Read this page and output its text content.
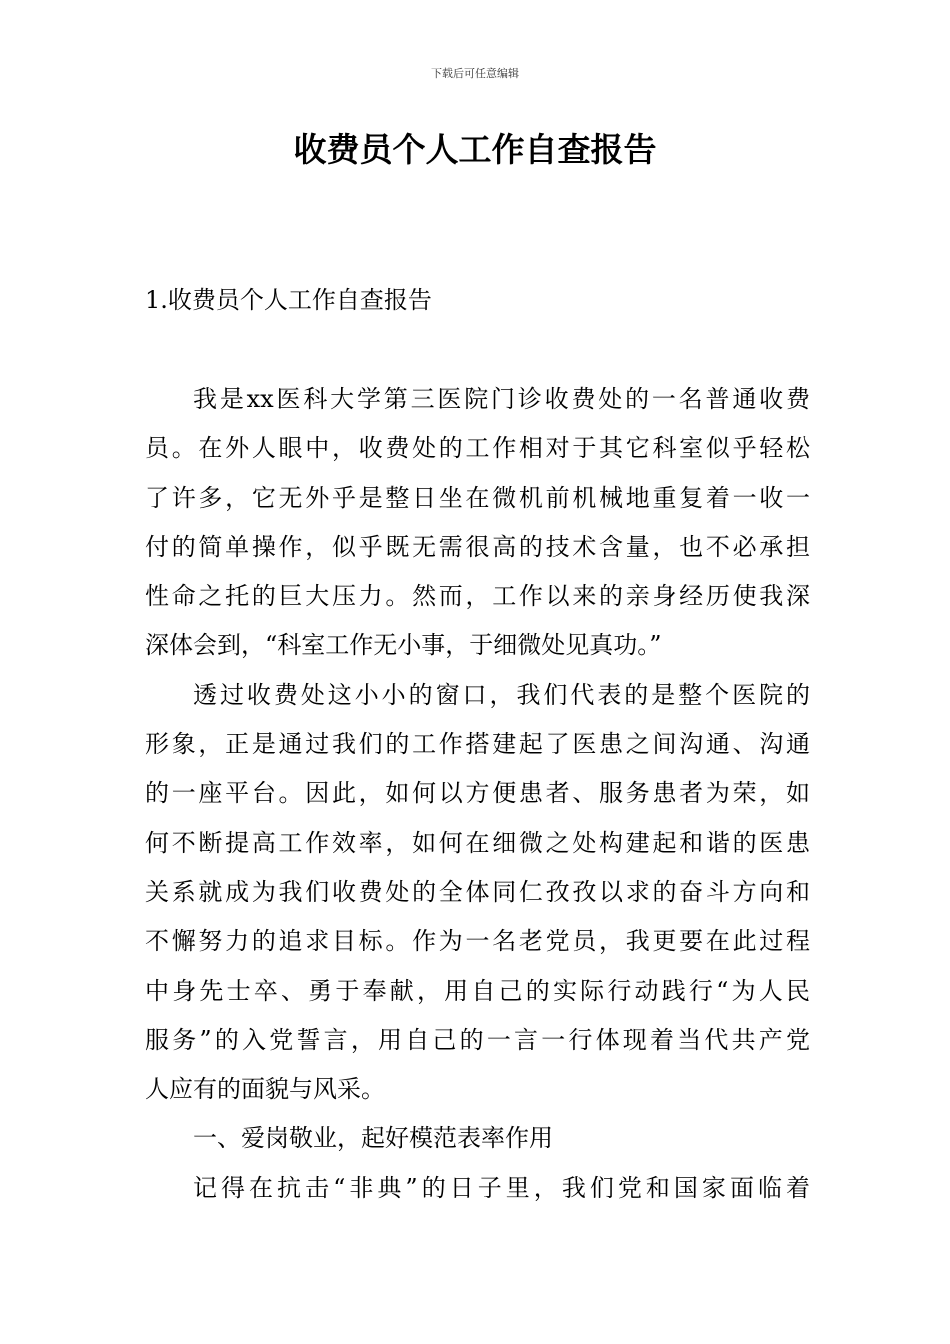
下载后可任意编辑
收费员个人工作自查报告
1.收费员个人工作自查报告
我是xx医科大学第三医院门诊收费处的一名普通收费
员。在外人眼中，收费处的工作相对于其它科室似乎轻松
了许多，它无外乎是整日坐在微机前机械地重复着一收一
付的简单操作，似乎既无需很高的技术含量，也不必承担
性命之托的巨大压力。然而，工作以来的亲身经历使我深
深体会到，“科室工作无小事，于细微处见真功。”
透过收费处这小小的窗口，我们代表的是整个医院的
形象，正是通过我们的工作搭建起了医患之间沟通、沟通
的一座平台。因此，如何以方便患者、服务患者为荣，如
何不断提高工作效率，如何在细微之处构建起和谐的医患
关系就成为我们收费处的全体同仁孜孜以求的奋斗方向和
不懈努力的追求目标。作为一名老党员，我更要在此过程
中身先士卒、勇于奉献，用自己的实际行动践行“为人民
服务”的入党誓言，用自己的一言一行体现着当代共产党
人应有的面貌与风采。
一、爱岗敬业，起好模范表率作用
记得在抗击“非典”的日子里，我们党和国家面临着
